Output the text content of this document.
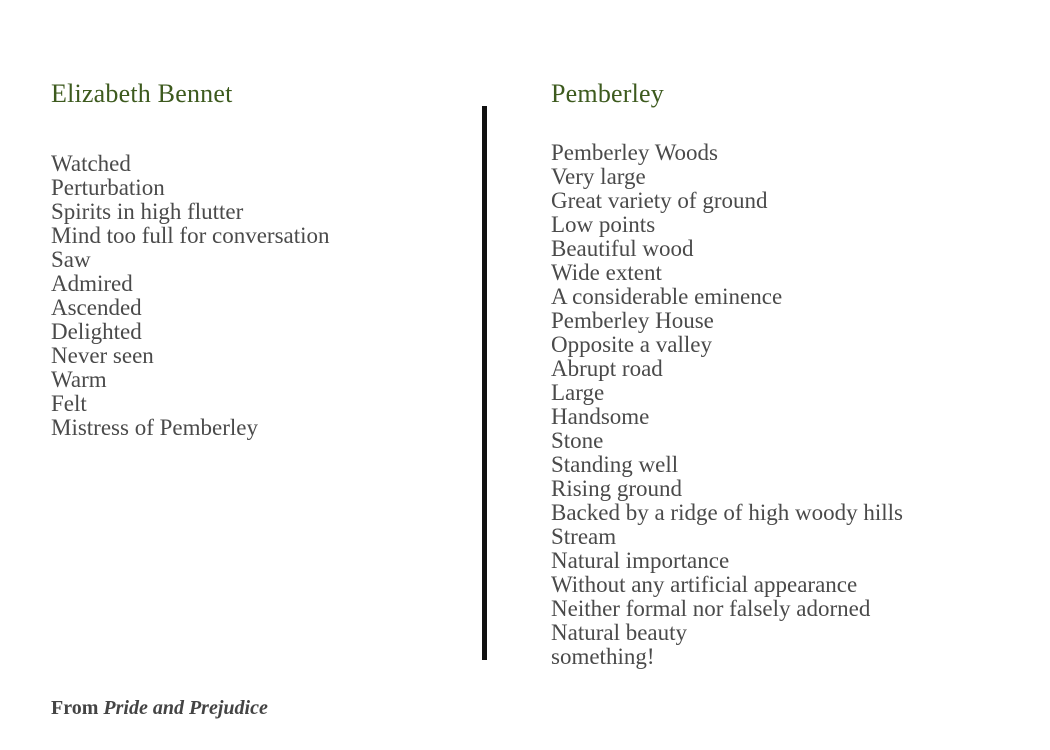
Elizabeth Bennet
Watched
Perturbation
Spirits in high flutter
Mind too full for conversation
Saw
Admired
Ascended
Delighted
Never seen
Warm
Felt
Mistress of Pemberley
Pemberley
Pemberley Woods
Very large
Great variety of ground
Low points
Beautiful wood
Wide extent
A considerable eminence
Pemberley House
Opposite a valley
Abrupt road
Large
Handsome
Stone
Standing well
Rising ground
Backed by a ridge of high woody hills
Stream
Natural importance
Without any artificial appearance
Neither formal nor falsely adorned
Natural beauty
something!
From Pride and Prejudice
